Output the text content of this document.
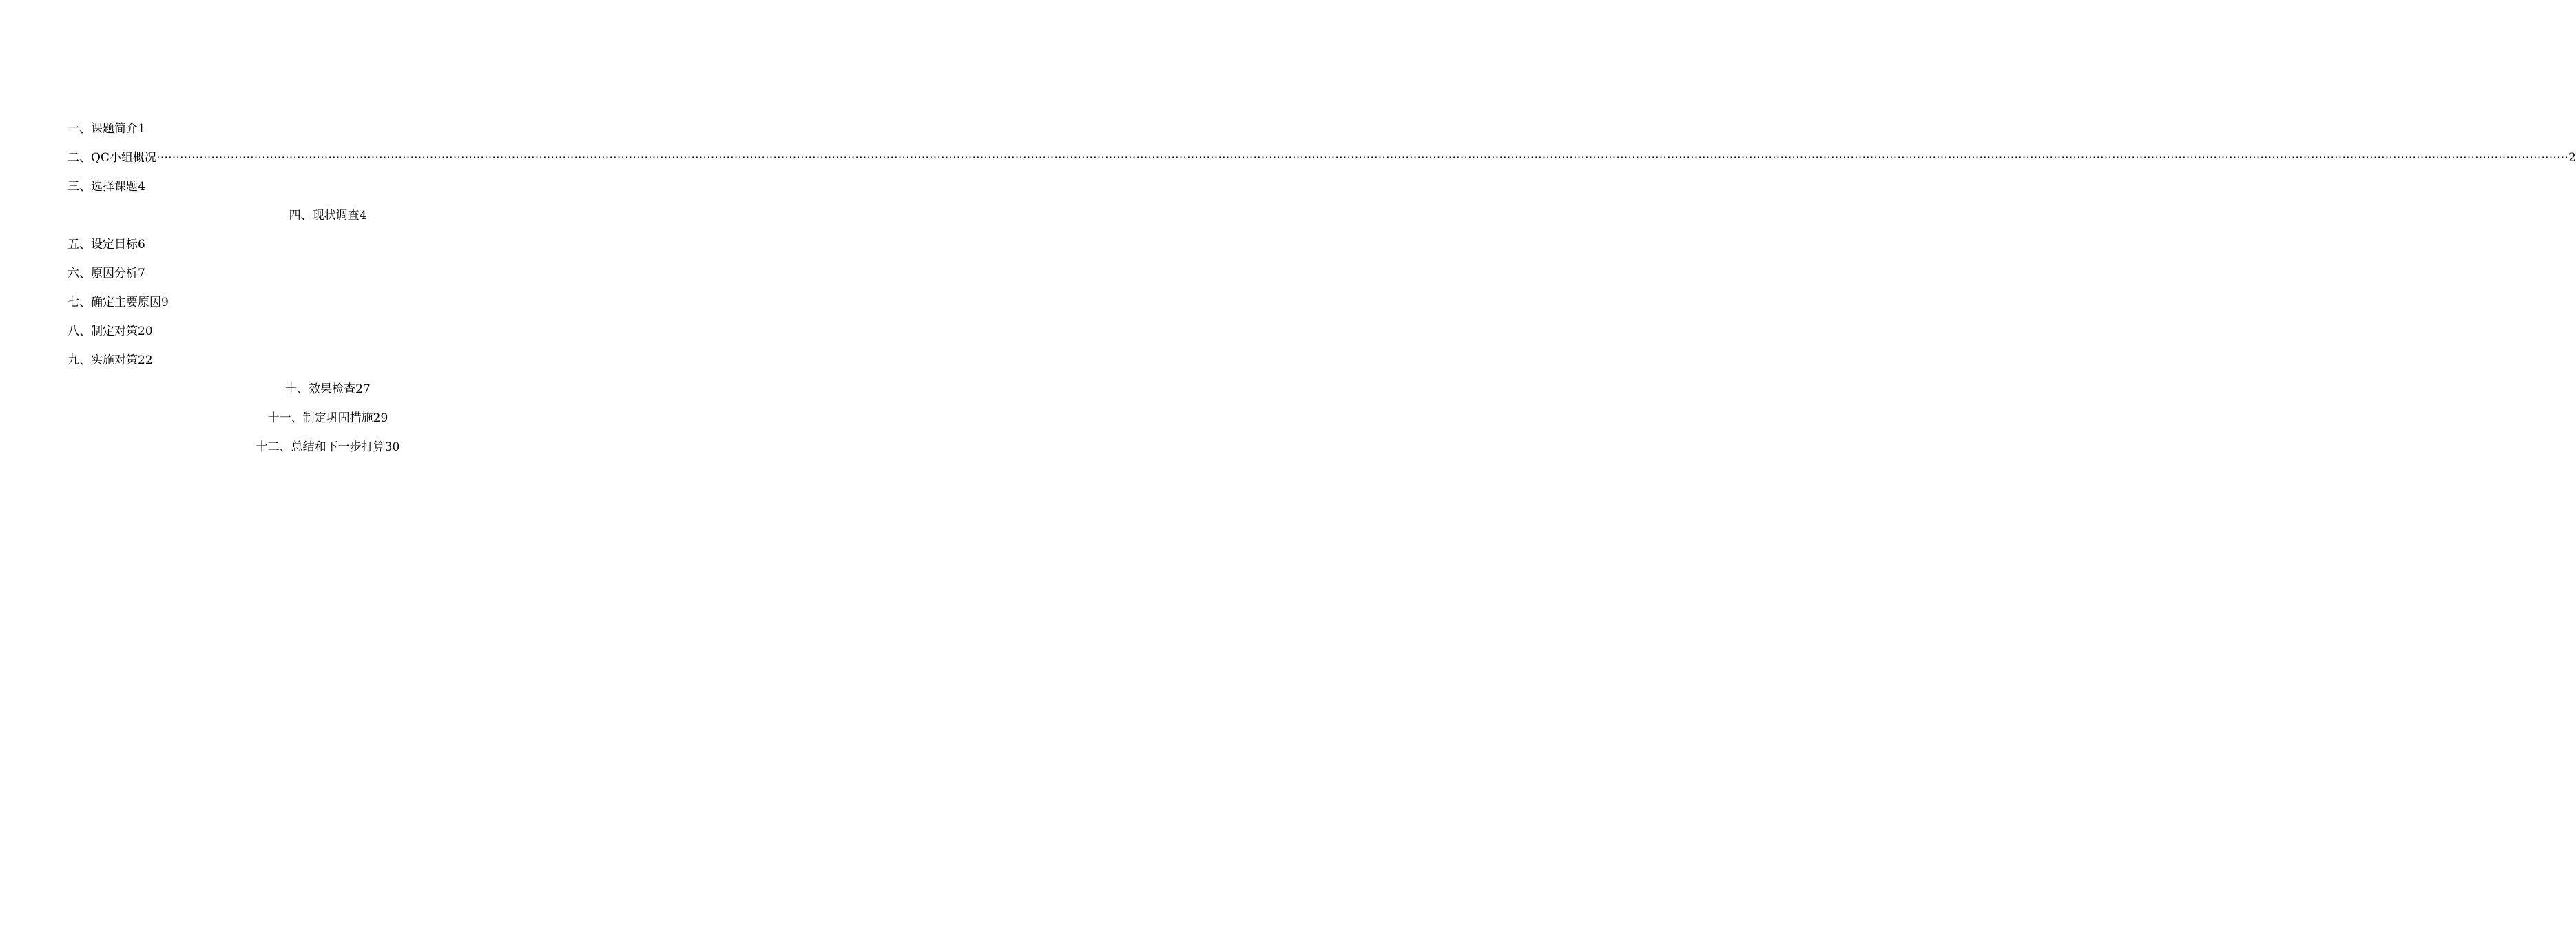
一、课题简介1
二、QC小组概况 ⋯⋯⋯⋯⋯⋯⋯⋯⋯⋯⋯⋯⋯⋯⋯⋯⋯⋯⋯⋯⋯⋯⋯⋯⋯⋯⋯⋯⋯⋯⋯⋯⋯⋯⋯⋯⋯⋯⋯⋯⋯⋯⋯⋯⋯⋯⋯⋯⋯⋯⋯⋯⋯⋯⋯⋯⋯⋯⋯⋯⋯⋯⋯⋯⋯⋯⋯⋯⋯⋯⋯⋯⋯⋯⋯⋯⋯⋯⋯⋯⋯⋯⋯⋯⋯⋯⋯⋯⋯⋯⋯⋯⋯⋯⋯⋯⋯⋯⋯⋯⋯⋯⋯⋯⋯⋯⋯⋯⋯⋯⋯⋯⋯⋯⋯⋯⋯⋯⋯⋯⋯⋯⋯⋯⋯⋯⋯⋯⋯⋯⋯⋯⋯⋯⋯⋯⋯⋯⋯⋯⋯⋯⋯⋯⋯⋯⋯⋯⋯⋯⋯⋯⋯⋯⋯⋯⋯⋯⋯⋯⋯⋯⋯⋯⋯⋯⋯⋯⋯⋯⋯⋯⋯⋯⋯⋯⋯⋯⋯⋯⋯⋯⋯⋯⋯⋯⋯⋯⋯⋯⋯⋯⋯⋯⋯⋯⋯⋯⋯⋯⋯⋯⋯⋯⋯⋯ 2
三、选择课题4
四、现状调查4
五、设定目标6
六、原因分析7
七、确定主要原因9
八、制定对策20
九、实施对策22
十、效果检查27
十一、制定巩固措施29
十二、总结和下一步打算30
